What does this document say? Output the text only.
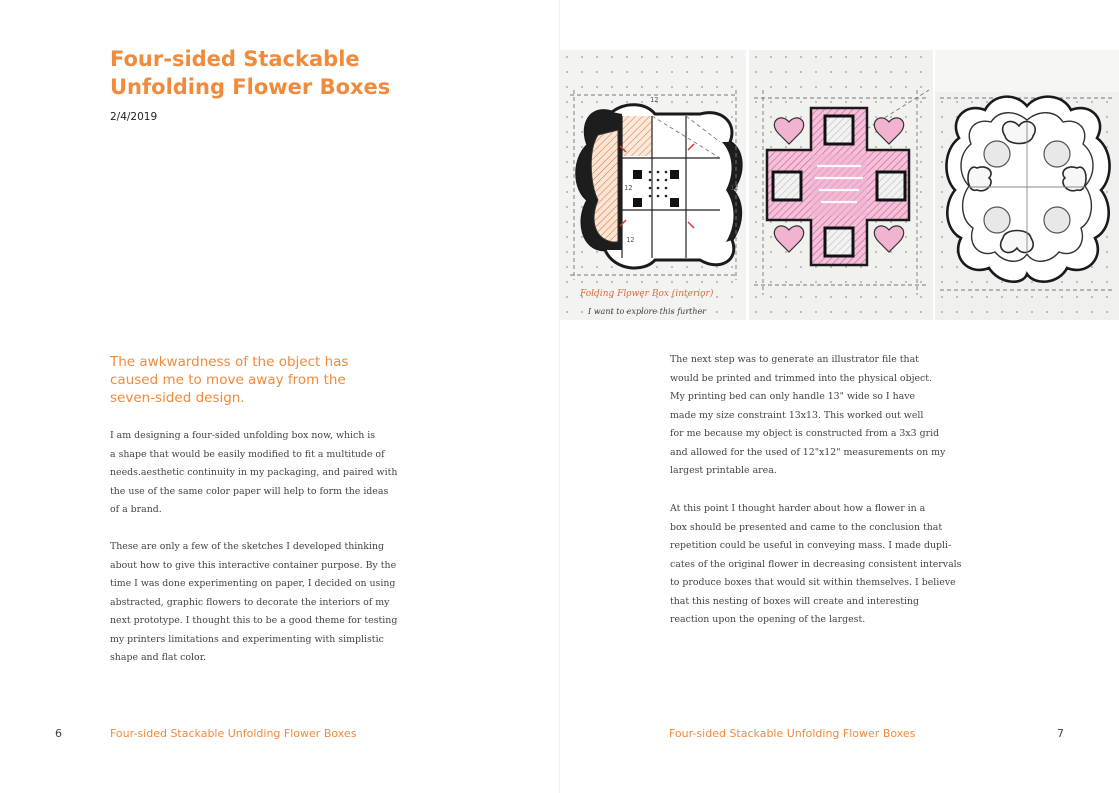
Four-sided Stackable
Unfolding Flower Boxes
2/4/2019
The awkwardness of the object has
caused me to move away from the
seven-sided design.

I am designing a four-sided unfolding box now, which is
a shape that would be easily modified to fit a multitude of
needs.aesthetic continuity in my packaging, and paired with
the use of the same color paper will help to form the ideas
of a brand.

These are only a few of the sketches I developed thinking
about how to give this interactive container purpose. By the
time I was done experimenting on paper, I decided on using
abstracted, graphic flowers to decorate the interiors of my
next prototype. I thought this to be a good theme for testing
my printers limitations and experimenting with simplistic
shape and flat color.

6	Four-sided Stackable Unfolding Flower Boxes
12
12
12
12
Folding Flower Box (interior)
I want to explore this further

The next step was to generate an illustrator file that
would be printed and trimmed into the physical object.
My printing bed can only handle 13" wide so I have
made my size constraint 13x13. This worked out well
for me because my object is constructed from a 3x3 grid
and allowed for the used of 12"x12" measurements on my
largest printable area.

At this point I thought harder about how a flower in a
box should be presented and came to the conclusion that
repetition could be useful in conveying mass. I made dupli-
cates of the original flower in decreasing consistent intervals
to produce boxes that would sit within themselves. I believe
that this nesting of boxes will create and interesting
reaction upon the opening of the largest.

Four-sided Stackable Unfolding Flower Boxes	7
